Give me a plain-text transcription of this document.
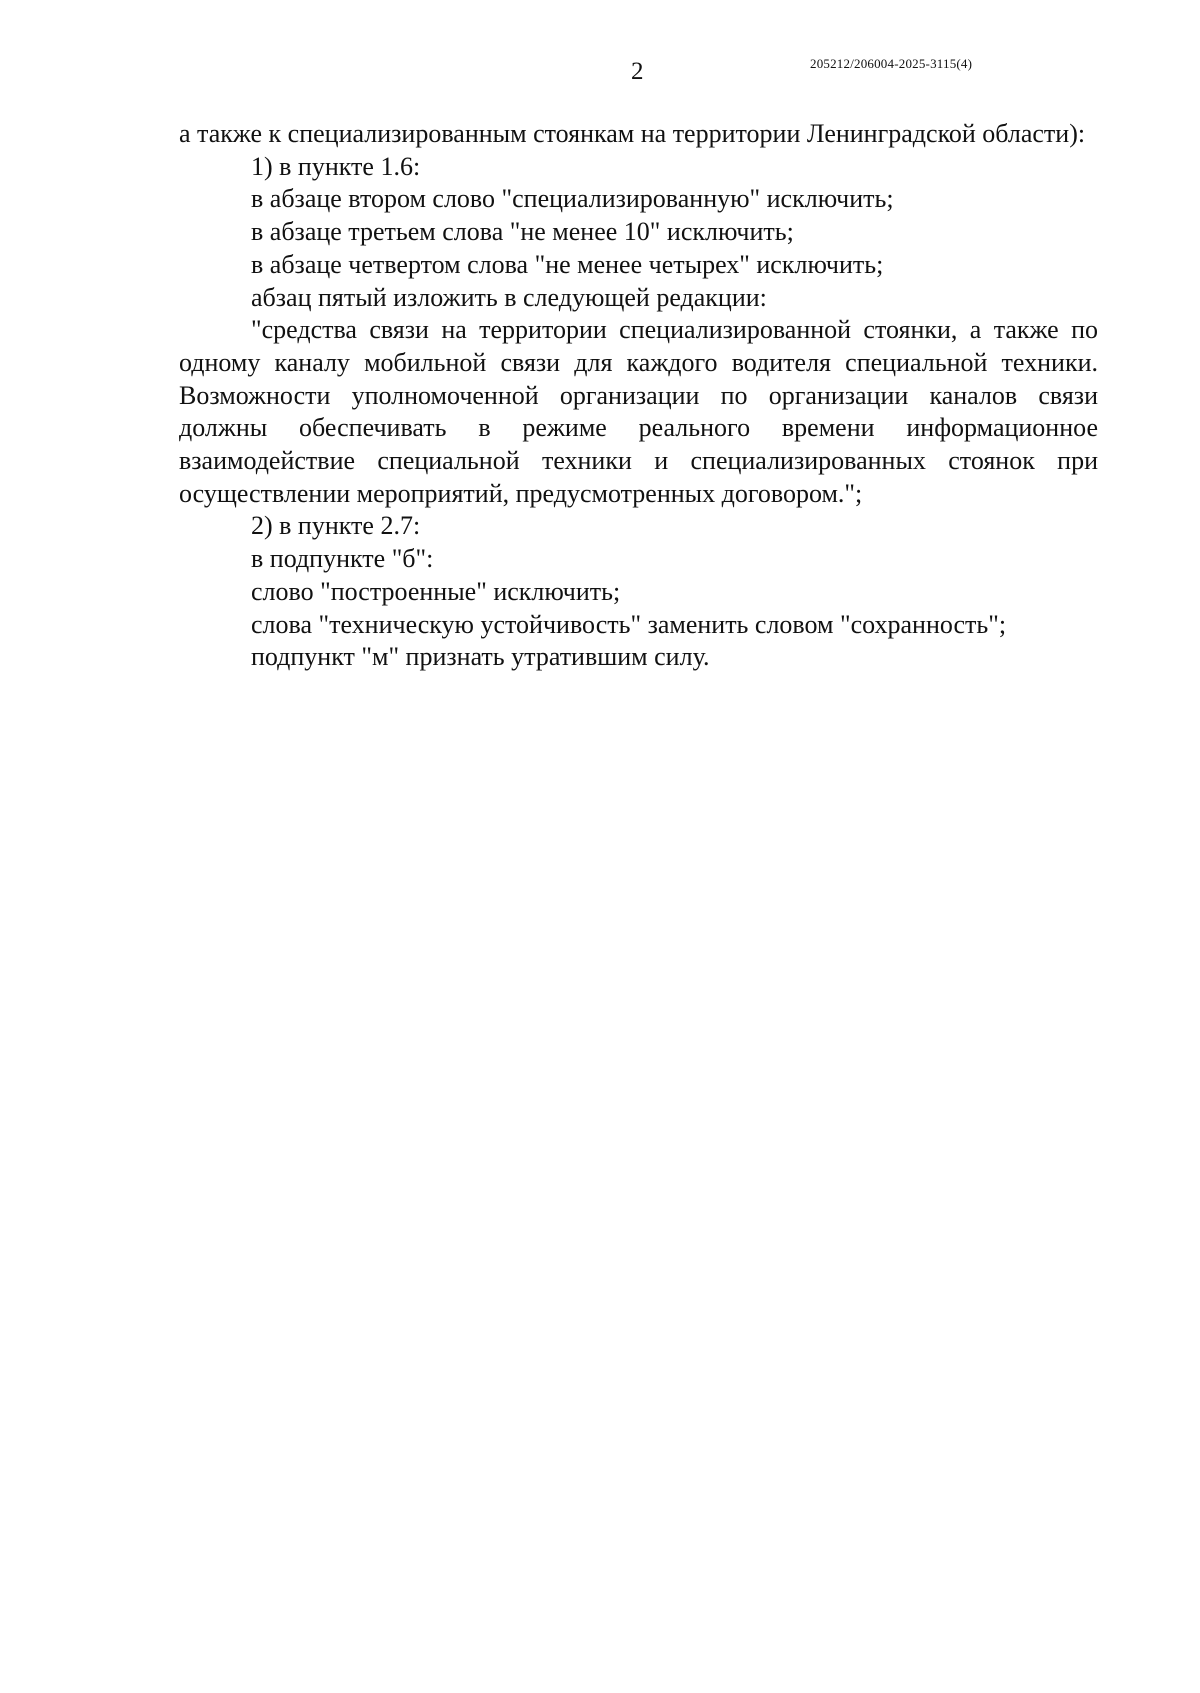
2	205212/206004-2025-3115(4)

а также к специализированным стоянкам на территории Ленинградской области):

1) в пункте 1.6:

в абзаце втором слово "специализированную" исключить;

в абзаце третьем слова "не менее 10" исключить;

в абзаце четвертом слова "не менее четырех" исключить;

абзац пятый изложить в следующей редакции:

"средства связи на территории специализированной стоянки, а также по одному каналу мобильной связи для каждого водителя специальной техники. Возможности уполномоченной организации по организации каналов связи должны обеспечивать в режиме реального времени информационное взаимодействие специальной техники и специализированных стоянок при осуществлении мероприятий, предусмотренных договором.";

2) в пункте 2.7:

в подпункте "б":

слово "построенные" исключить;

слова "техническую устойчивость" заменить словом "сохранность";

подпункт "м" признать утратившим силу.
